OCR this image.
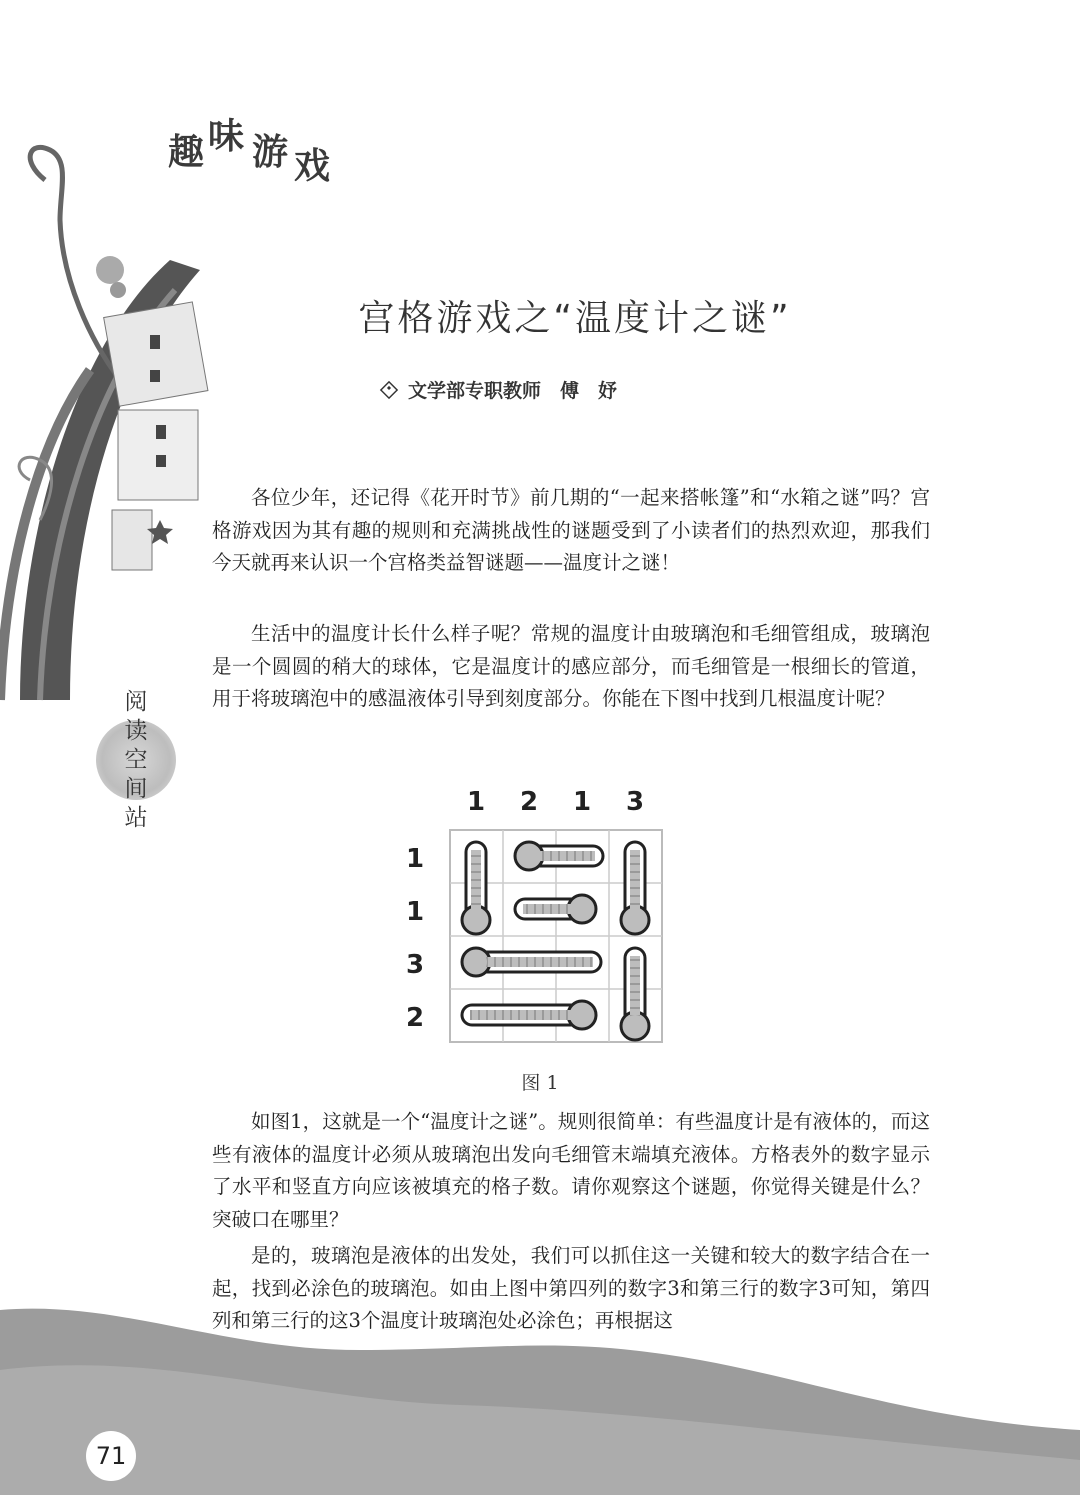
趣 味 游 戏
阅
读
空
间
站
宫格游戏之“温度计之谜”
文学部专职教师　傅　妤

各位少年，还记得《花开时节》前几期的“一起来搭帐篷”和“水箱之谜”吗？宫格游戏因为其有趣的规则和充满挑战性的谜题受到了小读者们的热烈欢迎，那我们今天就再来认识一个宫格类益智谜题——温度计之谜！

生活中的温度计长什么样子呢？常规的温度计由玻璃泡和毛细管组成，玻璃泡是一个圆圆的稍大的球体，它是温度计的感应部分，而毛细管是一根细长的管道，用于将玻璃泡中的感温液体引导到刻度部分。你能在下图中找到几根温度计呢？

如图1，这就是一个“温度计之谜”。规则很简单：有些温度计是有液体的，而这些有液体的温度计必须从玻璃泡出发向毛细管末端填充液体。方格表外的数字显示了水平和竖直方向应该被填充的格子数。请你观察这个谜题，你觉得关键是什么？突破口在哪里？

是的，玻璃泡是液体的出发处，我们可以抓住这一关键和较大的数字结合在一起，找到必涂色的玻璃泡。如由上图中第四列的数字3和第三行的数字3可知，第四列和第三行的这3个温度计玻璃泡处必涂色；再根据这

1 2 1 3
1
1
3
2
图 1
71
